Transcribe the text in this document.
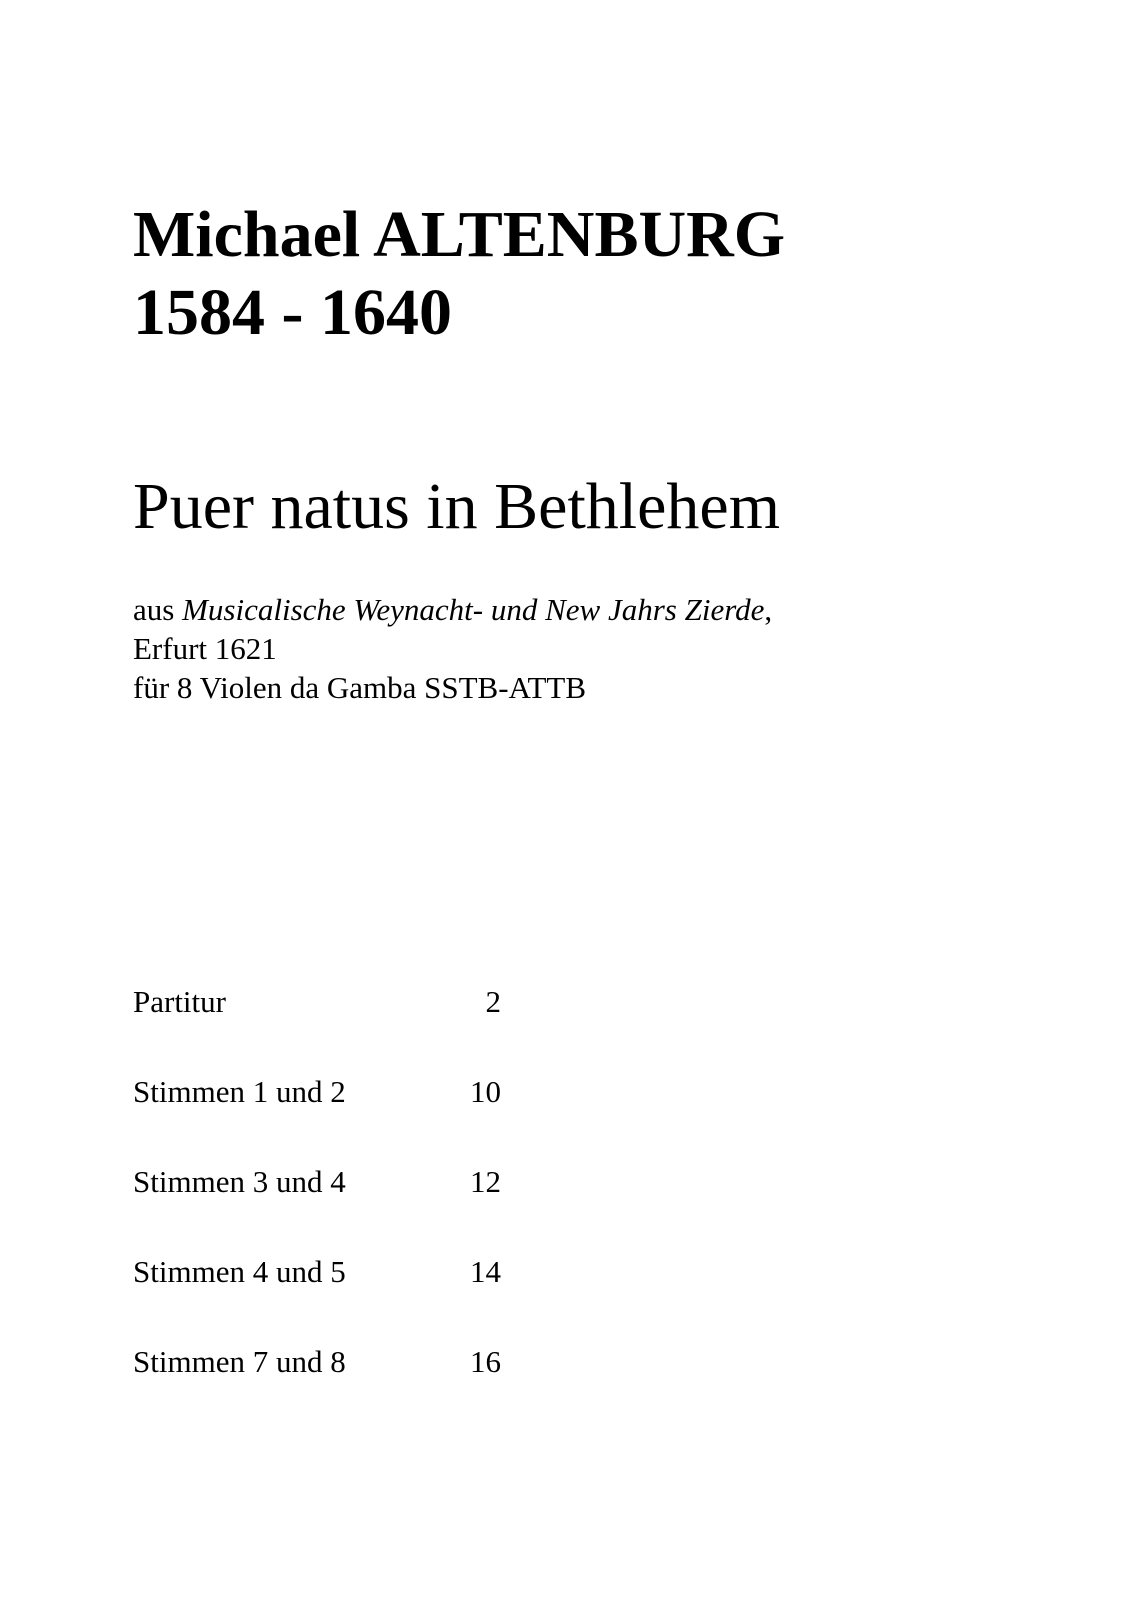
Michael ALTENBURG
1584 - 1640
Puer natus in Bethlehem
aus Musicalische Weynacht- und New Jahrs Zierde,
Erfurt 1621
für 8 Violen da Gamba SSTB-ATTB
Partitur	2
Stimmen 1 und 2	10
Stimmen 3 und 4	12
Stimmen 4 und 5	14
Stimmen 7 und 8	16
